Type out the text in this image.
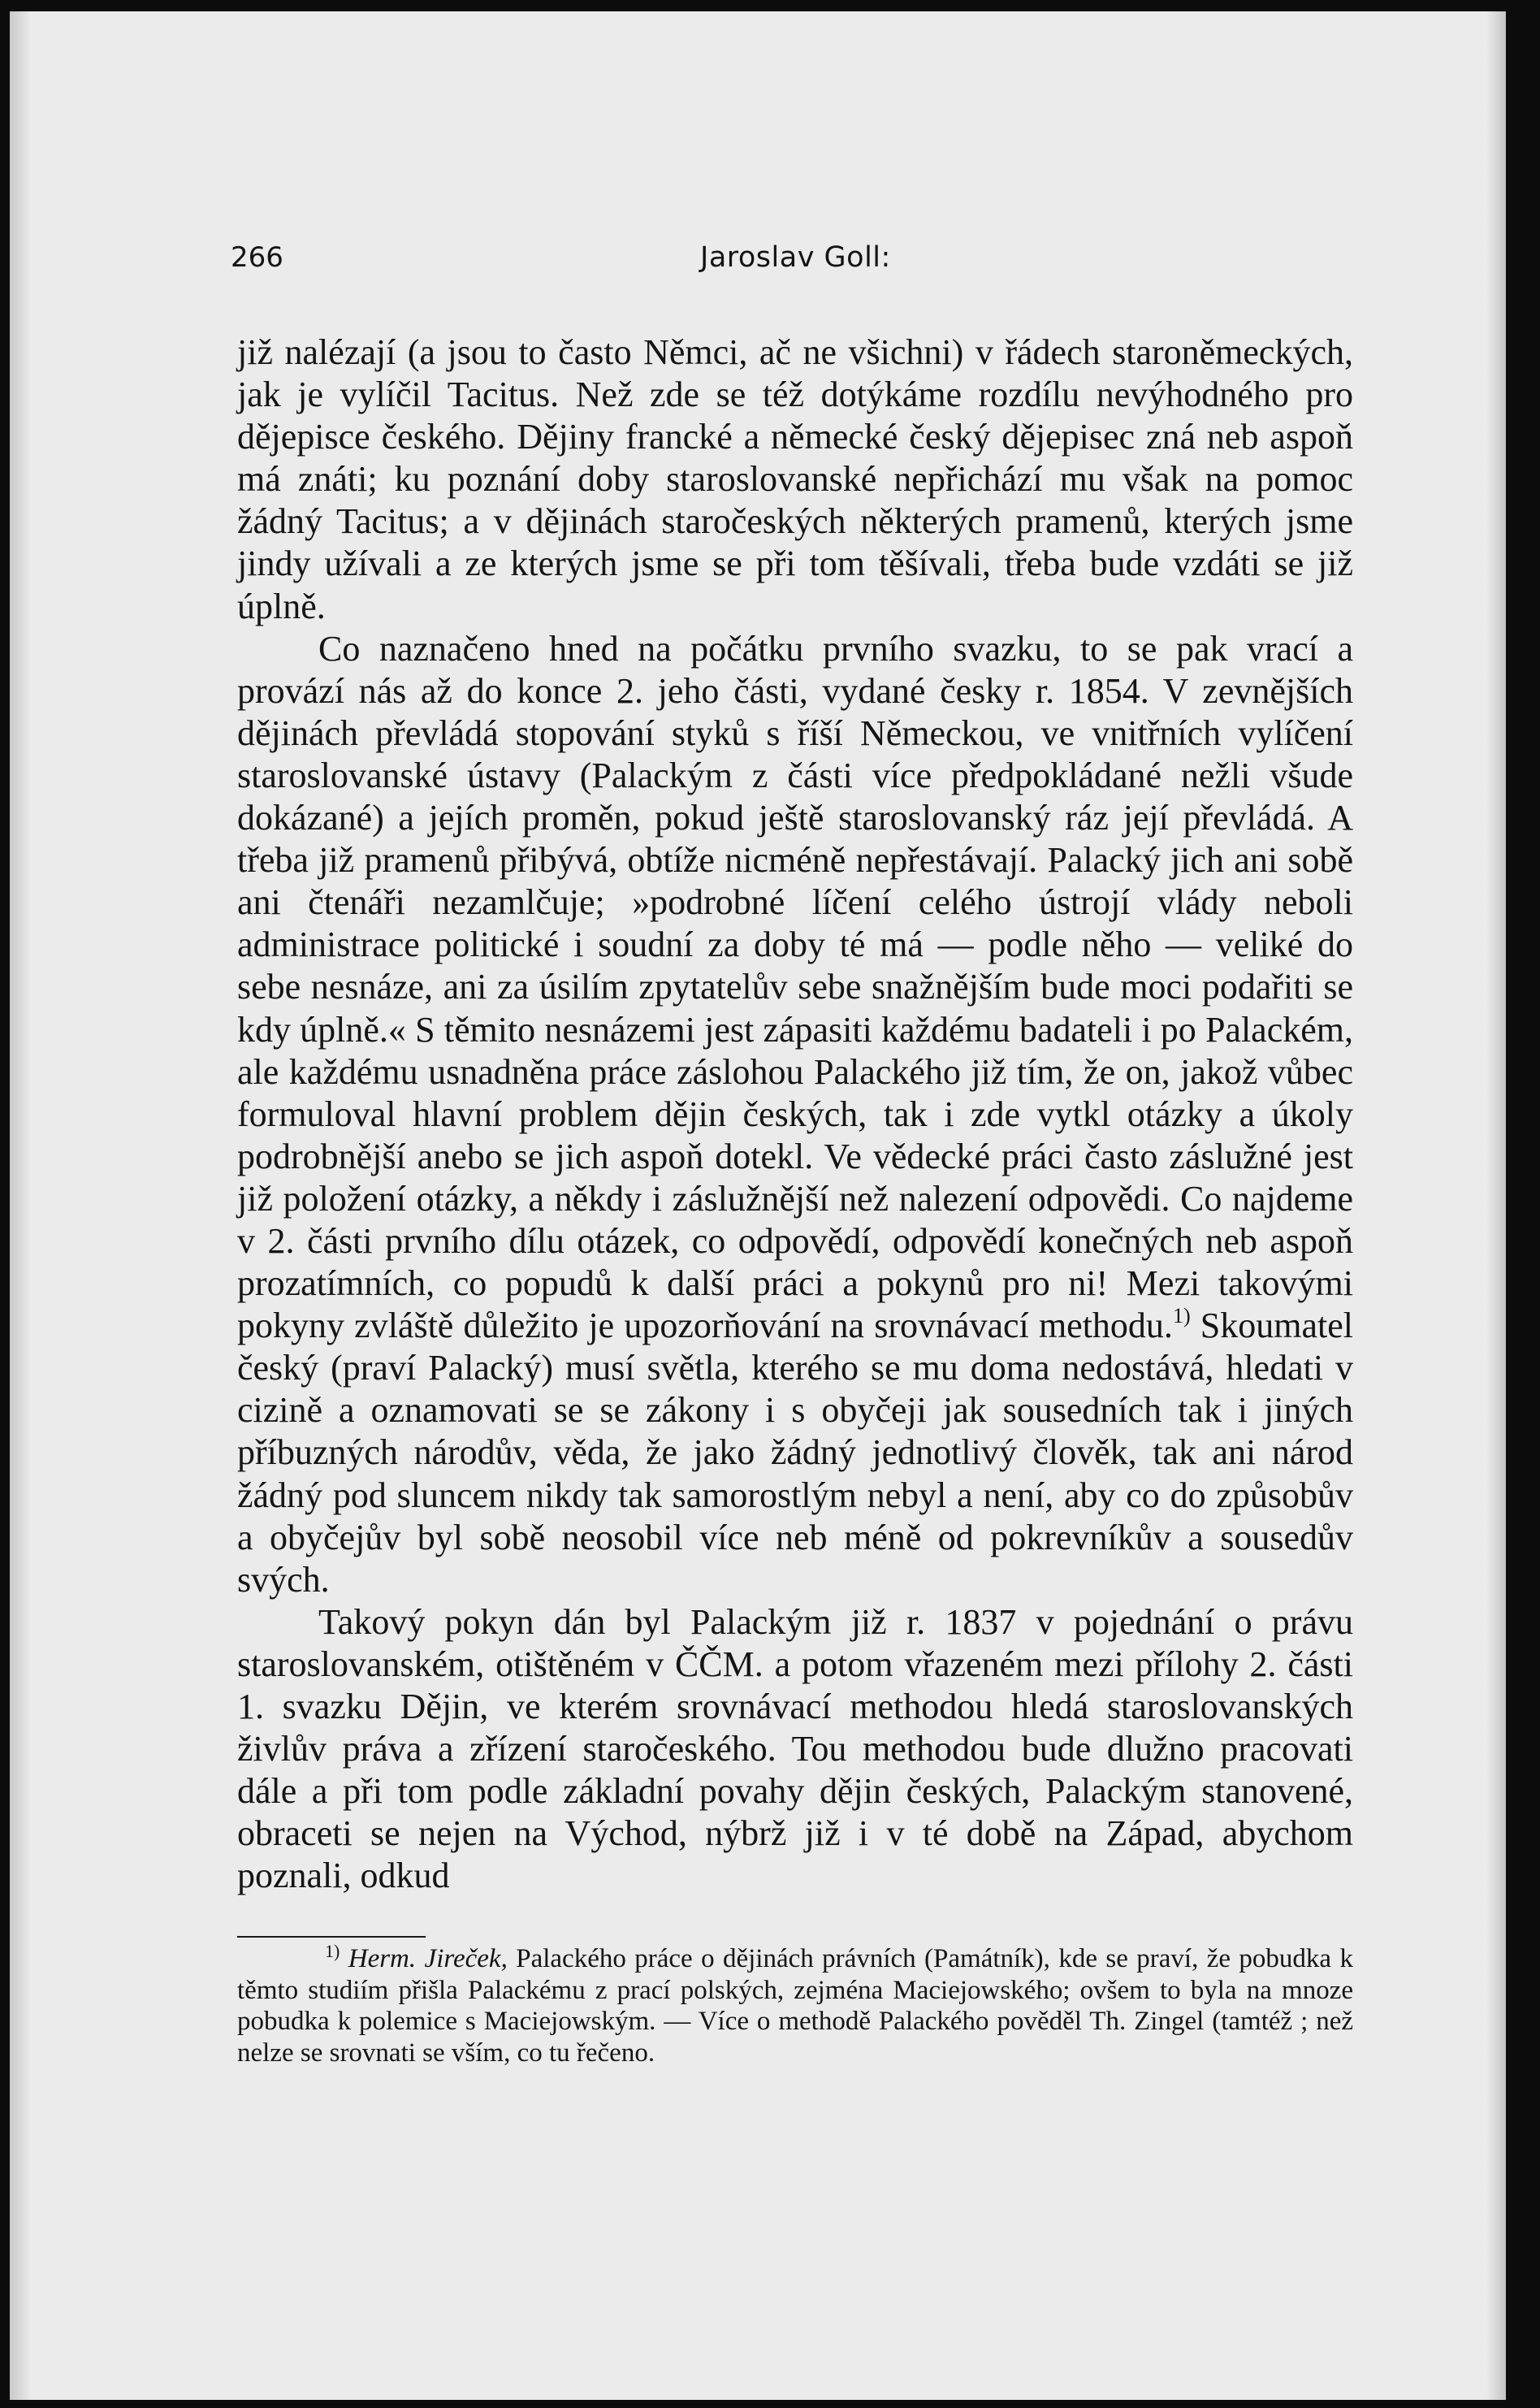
266	Jaroslav Goll:

již nalézají (a jsou to často Němci, ač ne všichni) v řádech staroněmeckých, jak je vylíčil Tacitus. Než zde se též dotýkáme rozdílu nevýhodného pro dějepisce českého. Dějiny francké a německé český dějepisec zná neb aspoň má znáti; ku poznání doby staroslovanské nepřichází mu však na pomoc žádný Tacitus; a v dějinách staročeských některých pramenů, kterých jsme jindy užívali a ze kterých jsme se při tom těšívali, třeba bude vzdáti se již úplně.

Co naznačeno hned na počátku prvního svazku, to se pak vrací a provází nás až do konce 2. jeho části, vydané česky r. 1854. V zevnějších dějinách převládá stopování styků s říší Německou, ve vnitřních vylíčení staroslovanské ústavy (Palackým z části více předpokládané nežli všude dokázané) a jejích proměn, pokud ještě staroslovanský ráz její převládá. A třeba již pramenů přibývá, obtíže nicméně nepřestávají. Palacký jich ani sobě ani čtenáři nezamlčuje; »podrobné líčení celého ústrojí vlády neboli administrace politické i soudní za doby té má — podle něho — veliké do sebe nesnáze, ani za úsilím zpytatelův sebe snažnějším bude moci podařiti se kdy úplně.« S těmito nesnázemi jest zápasiti každému badateli i po Palackém, ale každému usnadněna práce záslohou Palackého již tím, že on, jakož vůbec formuloval hlavní problem dějin českých, tak i zde vytkl otázky a úkoly podrobnější anebo se jich aspoň dotekl. Ve vědecké práci často záslužné jest již položení otázky, a někdy i záslužnější než nalezení odpovědi. Co najdeme v 2. části prvního dílu otázek, co odpovědí, odpovědí konečných neb aspoň prozatímních, co popudů k další práci a pokynů pro ni! Mezi takovými pokyny zvláště důležito je upozorňování na srovnávací methodu.$^{1)}$ Skoumatel český (praví Palacký) musí světla, kterého se mu doma nedostává, hledati v cizině a oznamovati se se zákony i s obyčeji jak sousedních tak i jiných příbuzných národův, věda, že jako žádný jednotlivý člověk, tak ani národ žádný pod sluncem nikdy tak samorostlým nebyl a není, aby co do způsobův a obyčejův byl sobě neosobil více neb méně od pokrevníkův a sousedův svých.

Takový pokyn dán byl Palackým již r. 1837 v pojednání o právu staroslovanském, otištěném v ČČM. a potom vřazeném mezi přílohy 2. části 1. svazku Dějin, ve kterém srovnávací methodou hledá staroslovanských živlův práva a zřízení staročeského. Tou methodou bude dlužno pracovati dále a při tom podle základní povahy dějin českých, Palackým stanovené, obraceti se nejen na Východ, nýbrž již i v té době na Západ, abychom poznali, odkud

$^{1)}$ Herm. Jireček, Palackého práce o dějinách právních (Památník), kde se praví, že pobudka k těmto studiím přišla Palackému z prací polských, zejména Maciejowského; ovšem to byla na mnoze pobudka k polemice s Maciejowským. — Více o methodě Palackého pověděl Th. Zingel (tamtéž ; než nelze se srovnati se vším, co tu řečeno.
